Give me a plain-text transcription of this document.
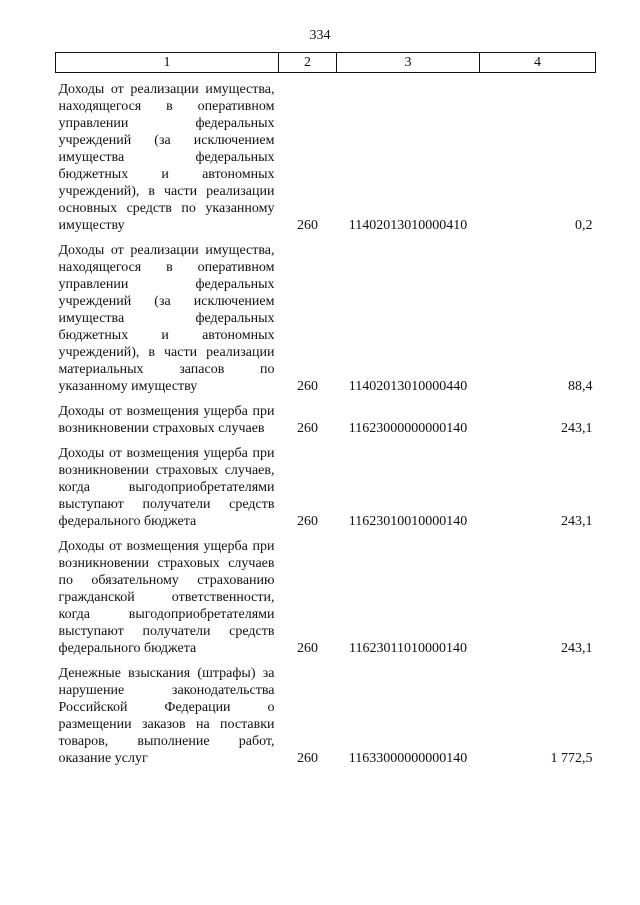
334
1	2	3	4
Доходы от реализации имущества, находящегося в оперативном управлении федеральных учреждений (за исключением имущества федеральных бюджетных и автономных учреждений), в части реализации основных средств по указанному имуществу	260	11402013010000410	0,2
Доходы от реализации имущества, находящегося в оперативном управлении федеральных учреждений (за исключением имущества федеральных бюджетных и автономных учреждений), в части реализации материальных запасов по указанному имуществу	260	11402013010000440	88,4
Доходы от возмещения ущерба при возникновении страховых случаев	260	11623000000000140	243,1
Доходы от возмещения ущерба при возникновении страховых случаев, когда выгодоприобретателями выступают получатели средств федерального бюджета	260	11623010010000140	243,1
Доходы от возмещения ущерба при возникновении страховых случаев по обязательному страхованию гражданской ответственности, когда выгодоприобретателями выступают получатели средств федерального бюджета	260	11623011010000140	243,1
Денежные взыскания (штрафы) за нарушение законодательства Российской Федерации о размещении заказов на поставки товаров, выполнение работ, оказание услуг	260	11633000000000140	1 772,5
